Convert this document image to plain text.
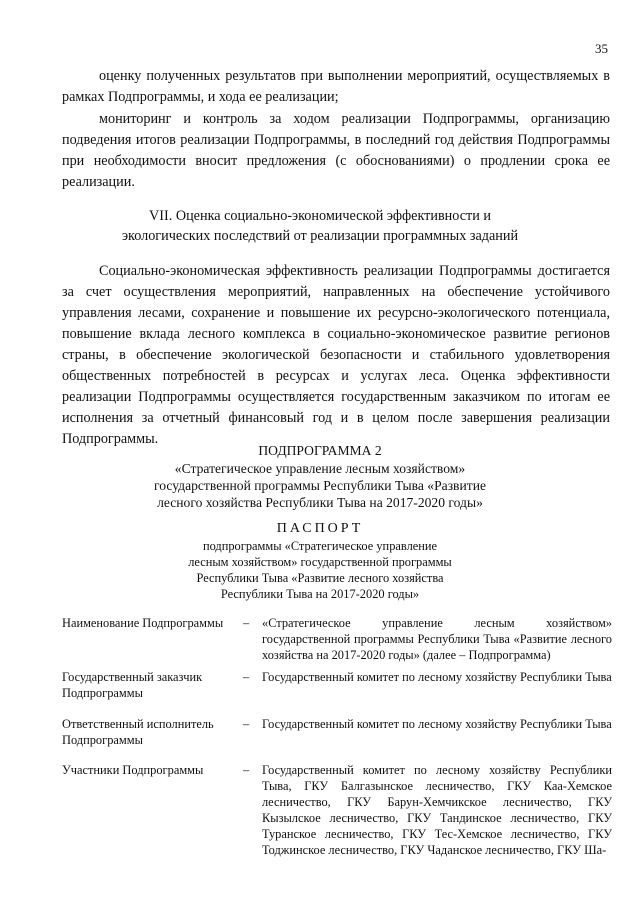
35

оценку полученных результатов при выполнении мероприятий, осуществляемых в рамках Подпрограммы, и хода ее реализации;

мониторинг и контроль за ходом реализации Подпрограммы, организацию подведения итогов реализации Подпрограммы, в последний год действия Подпрограммы при необходимости вносит предложения (с обоснованиями) о продлении срока ее реализации.

VII. Оценка социально-экономической эффективности и

экологических последствий от реализации программных заданий

Социально-экономическая эффективность реализации Подпрограммы достигается за счет осуществления мероприятий, направленных на обеспечение устойчивого управления лесами, сохранение и повышение их ресурсно-экологического потенциала, повышение вклада лесного комплекса в социально-экономическое развитие регионов страны, в обеспечение экологической безопасности и стабильного удовлетворения общественных потребностей в ресурсах и услугах леса. Оценка эффективности реализации Подпрограммы осуществляется государственным заказчиком по итогам ее исполнения за отчетный финансовый год и в целом после завершения реализации Подпрограммы.

ПОДПРОГРАММА 2

«Стратегическое управление лесным хозяйством»

государственной программы Республики Тыва «Развитие

лесного хозяйства Республики Тыва на 2017-2020 годы»

ПАСПОРТ

подпрограммы «Стратегическое управление

лесным хозяйством» государственной программы

Республики Тыва «Развитие лесного хозяйства

Республики Тыва на 2017-2020 годы»

Наименование Подпрограммы	– «Стратегическое управление лесным хозяйством» государственной программы Республики Тыва «Развитие лесного хозяйства на 2017-2020 годы» (далее – Подпрограмма)
Государственный заказчик Подпрограммы
– Государственный комитет по лесному хозяйству Республики Тыва
Ответственный исполнитель Подпрограммы
– Государственный комитет по лесному хозяйству Республики Тыва
Участники Подпрограммы	– Государственный комитет по лесному хозяйству Республики Тыва, ГКУ Балгазынское лесничество, ГКУ Каа-Хемское лесничество, ГКУ Барун-Хемчикское лесничество, ГКУ Кызылское лесничество, ГКУ Тандинское лесничество, ГКУ Туранское лесничество, ГКУ Тес-Хемское лесничество, ГКУ Тоджинское лесничество, ГКУ Чаданское лесничество, ГКУ Ша-
